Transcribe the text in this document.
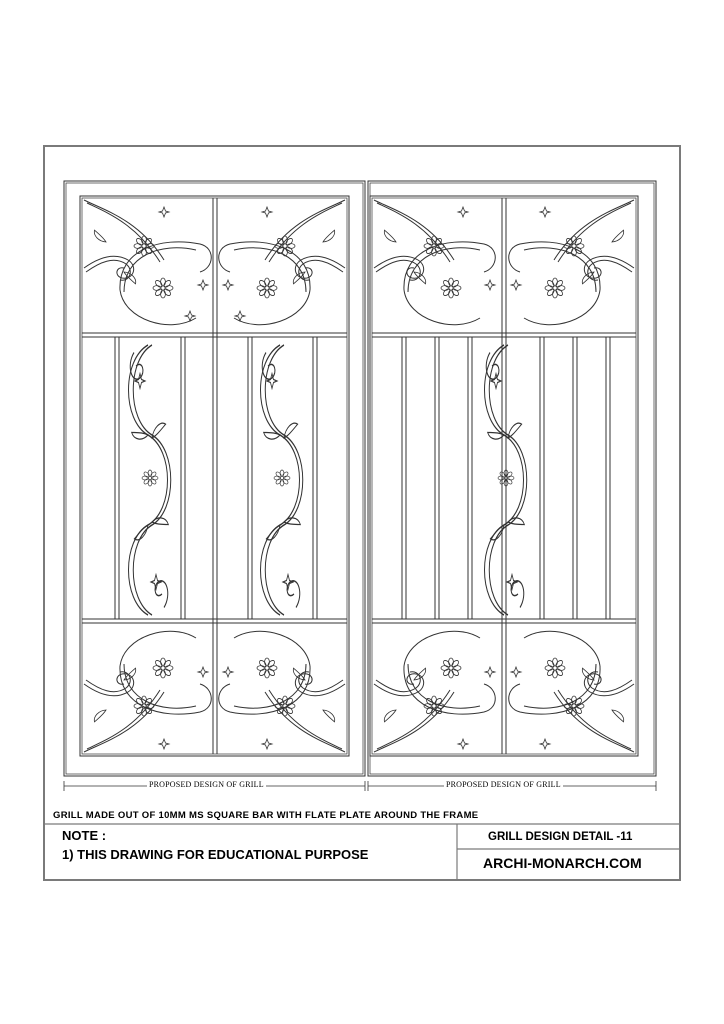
PROPOSED DESIGN OF GRILL	PROPOSED DESIGN OF GRILL
GRILL MADE OUT OF 10MM MS SQUARE BAR WITH FLATE PLATE AROUND THE FRAME
NOTE :
1) THIS DRAWING FOR EDUCATIONAL PURPOSE
GRILL DESIGN DETAIL -11
ARCHI-MONARCH.COM
